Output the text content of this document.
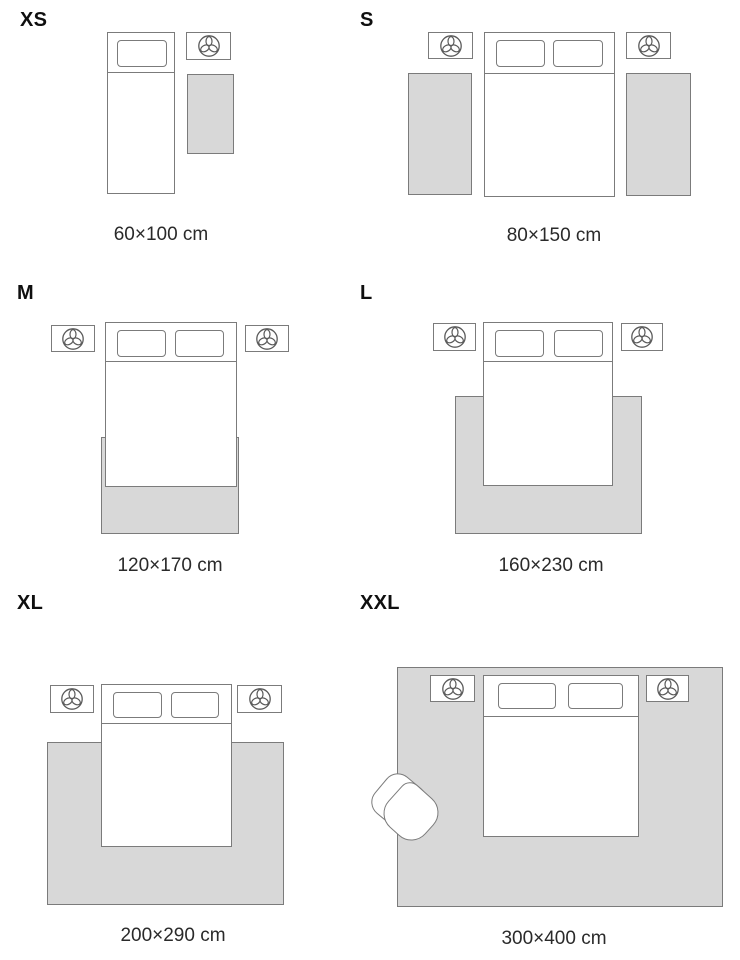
XS
60×100 cm
S
80×150 cm
M
120×170 cm
L
160×230 cm
XL
200×290 cm
XXL
300×400 cm
